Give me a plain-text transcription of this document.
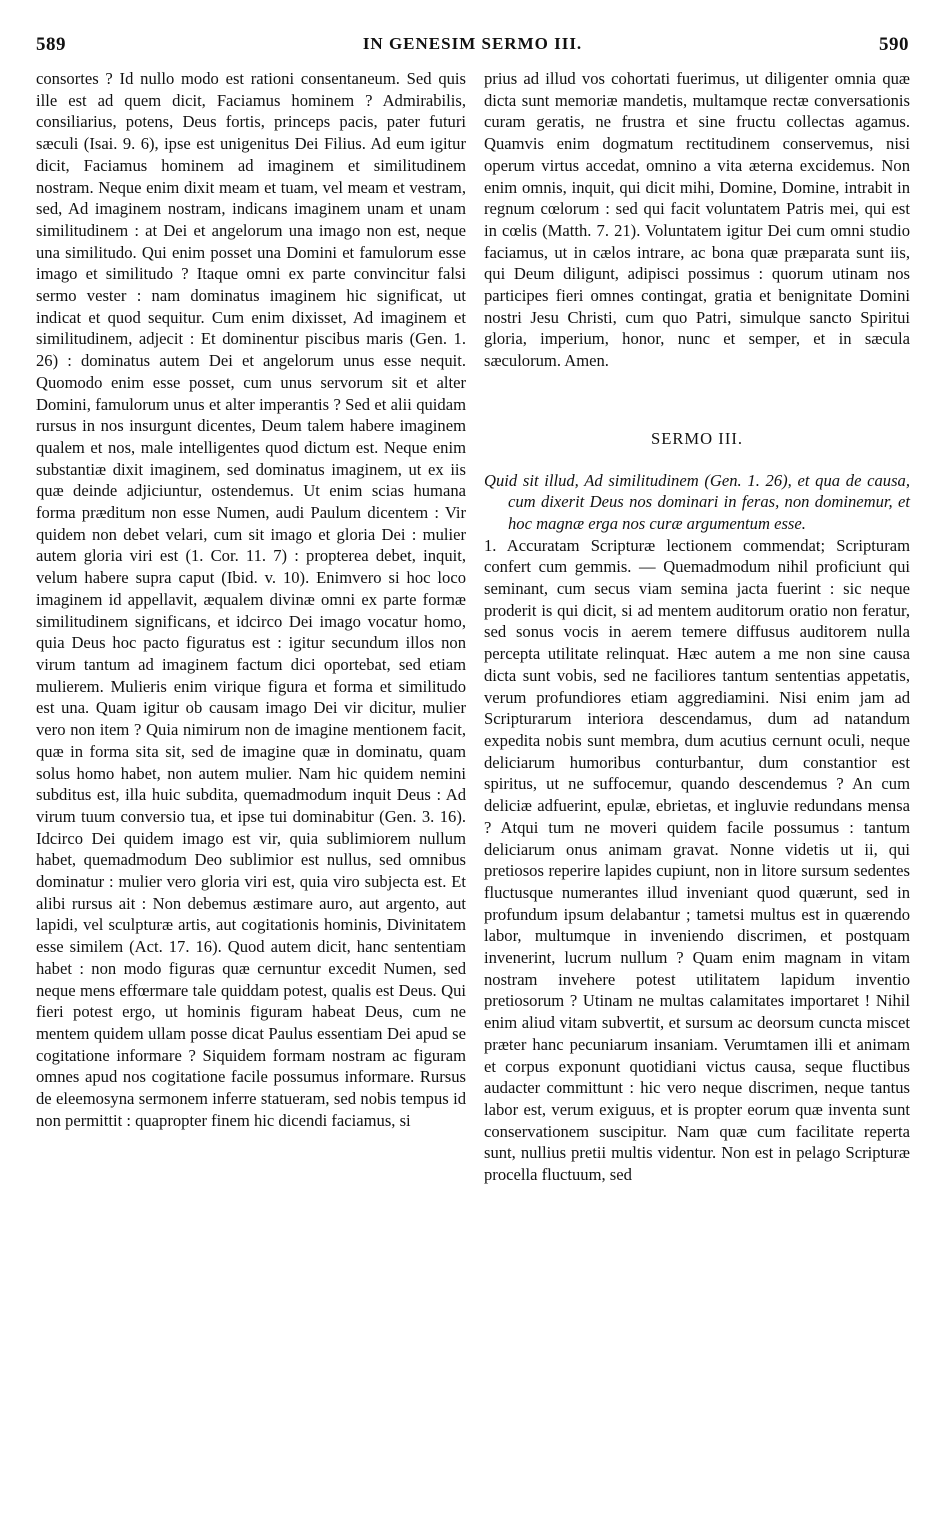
589	IN GENESIM SERMO III.	590

consortes ? Id nullo modo est rationi consentaneum. Sed quis ille est ad quem dicit, Faciamus hominem ? Admirabilis, consiliarius, potens, Deus fortis, princeps pacis, pater futuri sæculi (Isai. 9. 6), ipse est unigenitus Dei Filius. Ad eum igitur dicit, Faciamus hominem ad imaginem et similitudinem nostram. Neque enim dixit meam et tuam, vel meam et vestram, sed, Ad imaginem nostram, indicans imaginem unam et unam similitudinem : at Dei et angelorum una imago non est, neque una similitudo. Qui enim posset una Domini et famulorum esse imago et similitudo ? Itaque omni ex parte convincitur falsi sermo vester : nam dominatus imaginem hic significat, ut indicat et quod sequitur. Cum enim dixisset, Ad imaginem et similitudinem, adjecit : Et dominentur piscibus maris (Gen. 1. 26) : dominatus autem Dei et angelorum unus esse nequit. Quomodo enim esse posset, cum unus servorum sit et alter Domini, famulorum unus et alter imperantis ? Sed et alii quidam rursus in nos insurgunt dicentes, Deum talem habere imaginem qualem et nos, male intelligentes quod dictum est. Neque enim substantiæ dixit imaginem, sed dominatus imaginem, ut ex iis quæ deinde adjiciuntur, ostendemus. Ut enim scias humana forma præditum non esse Numen, audi Paulum dicentem : Vir quidem non debet velari, cum sit imago et gloria Dei : mulier autem gloria viri est (1. Cor. 11. 7) : propterea debet, inquit, velum habere supra caput (Ibid. v. 10). Enimvero si hoc loco imaginem id appellavit, æqualem divinæ omni ex parte formæ similitudinem significans, et idcirco Dei imago vocatur homo, quia Deus hoc pacto figuratus est : igitur secundum illos non virum tantum ad imaginem factum dici oportebat, sed etiam mulierem. Mulieris enim virique figura et forma et similitudo est una. Quam igitur ob causam imago Dei vir dicitur, mulier vero non item ? Quia nimirum non de imagine mentionem facit, quæ in forma sita sit, sed de imagine quæ in dominatu, quam solus homo habet, non autem mulier. Nam hic quidem nemini subditus est, illa huic subdita, quemadmodum inquit Deus : Ad virum tuum conversio tua, et ipse tui dominabitur (Gen. 3. 16). Idcirco Dei quidem imago est vir, quia sublimiorem nullum habet, quemadmodum Deo sublimior est nullus, sed omnibus dominatur : mulier vero gloria viri est, quia viro subjecta est. Et alibi rursus ait : Non debemus æstimare auro, aut argento, aut lapidi, vel sculpturæ artis, aut cogitationis hominis, Divinitatem esse similem (Act. 17. 16). Quod autem dicit, hanc sententiam habet : non modo figuras quæ cernuntur excedit Numen, sed neque mens effœrmare tale quiddam potest, qualis est Deus. Qui fieri potest ergo, ut hominis figuram habeat Deus, cum ne mentem quidem ullam posse dicat Paulus essentiam Dei apud se cogitatione informare ? Siquidem formam nostram ac figuram omnes apud nos cogitatione facile possumus informare. Rursus de eleemosyna sermonem inferre statueram, sed nobis tempus id non permittit : quapropter finem hic dicendi faciamus, si

prius ad illud vos cohortati fuerimus, ut diligenter omnia quæ dicta sunt memoriæ mandetis, multamque rectæ conversationis curam geratis, ne frustra et sine fructu collectas agamus. Quamvis enim dogmatum rectitudinem conservemus, nisi operum virtus accedat, omnino a vita æterna excidemus. Non enim omnis, inquit, qui dicit mihi, Domine, Domine, intrabit in regnum cœlorum : sed qui facit voluntatem Patris mei, qui est in cœlis (Matth. 7. 21). Voluntatem igitur Dei cum omni studio faciamus, ut in cælos intrare, ac bona quæ præparata sunt iis, qui Deum diligunt, adipisci possimus : quorum utinam nos participes fieri omnes contingat, gratia et benignitate Domini nostri Jesu Christi, cum quo Patri, simulque sancto Spiritui gloria, imperium, honor, nunc et semper, et in sæcula sæculorum. Amen.

SERMO III.

Quid sit illud, Ad similitudinem (Gen. 1. 26), et qua de causa, cum dixerit Deus nos dominari in feras, non dominemur, et hoc magnæ erga nos curæ argumentum esse.

1. Accuratam Scripturæ lectionem commendat; Scripturam confert cum gemmis. — Quemadmodum nihil proficiunt qui seminant, cum secus viam semina jacta fuerint : sic neque proderit is qui dicit, si ad mentem auditorum oratio non feratur, sed sonus vocis in aerem temere diffusus auditorem nulla percepta utilitate relinquat. Hæc autem a me non sine causa dicta sunt vobis, sed ne faciliores tantum sententias appetatis, verum profundiores etiam aggrediamini. Nisi enim jam ad Scripturarum interiora descendamus, dum ad natandum expedita nobis sunt membra, dum acutius cernunt oculi, neque deliciarum humoribus conturbantur, dum constantior est spiritus, ut ne suffocemur, quando descendemus ? An cum deliciæ adfuerint, epulæ, ebrietas, et ingluvie redundans mensa ? Atqui tum ne moveri quidem facile possumus : tantum deliciarum onus animam gravat. Nonne videtis ut ii, qui pretiosos reperire lapides cupiunt, non in litore sursum sedentes fluctusque numerantes illud inveniant quod quærunt, sed in profundum ipsum delabantur ; tametsi multus est in quærendo labor, multumque in inveniendo discrimen, et postquam invenerint, lucrum nullum ? Quam enim magnam in vitam nostram invehere potest utilitatem lapidum inventio pretiosorum ? Utinam ne multas calamitates importaret ! Nihil enim aliud vitam subvertit, et sursum ac deorsum cuncta miscet præter hanc pecuniarum insaniam. Verumtamen illi et animam et corpus exponunt quotidiani victus causa, seque fluctibus audacter committunt : hic vero neque discrimen, neque tantus labor est, verum exiguus, et is propter eorum quæ inventa sunt conservationem suscipitur. Nam quæ cum facilitate reperta sunt, nullius pretii multis videntur. Non est in pelago Scripturæ procella fluctuum, sed
